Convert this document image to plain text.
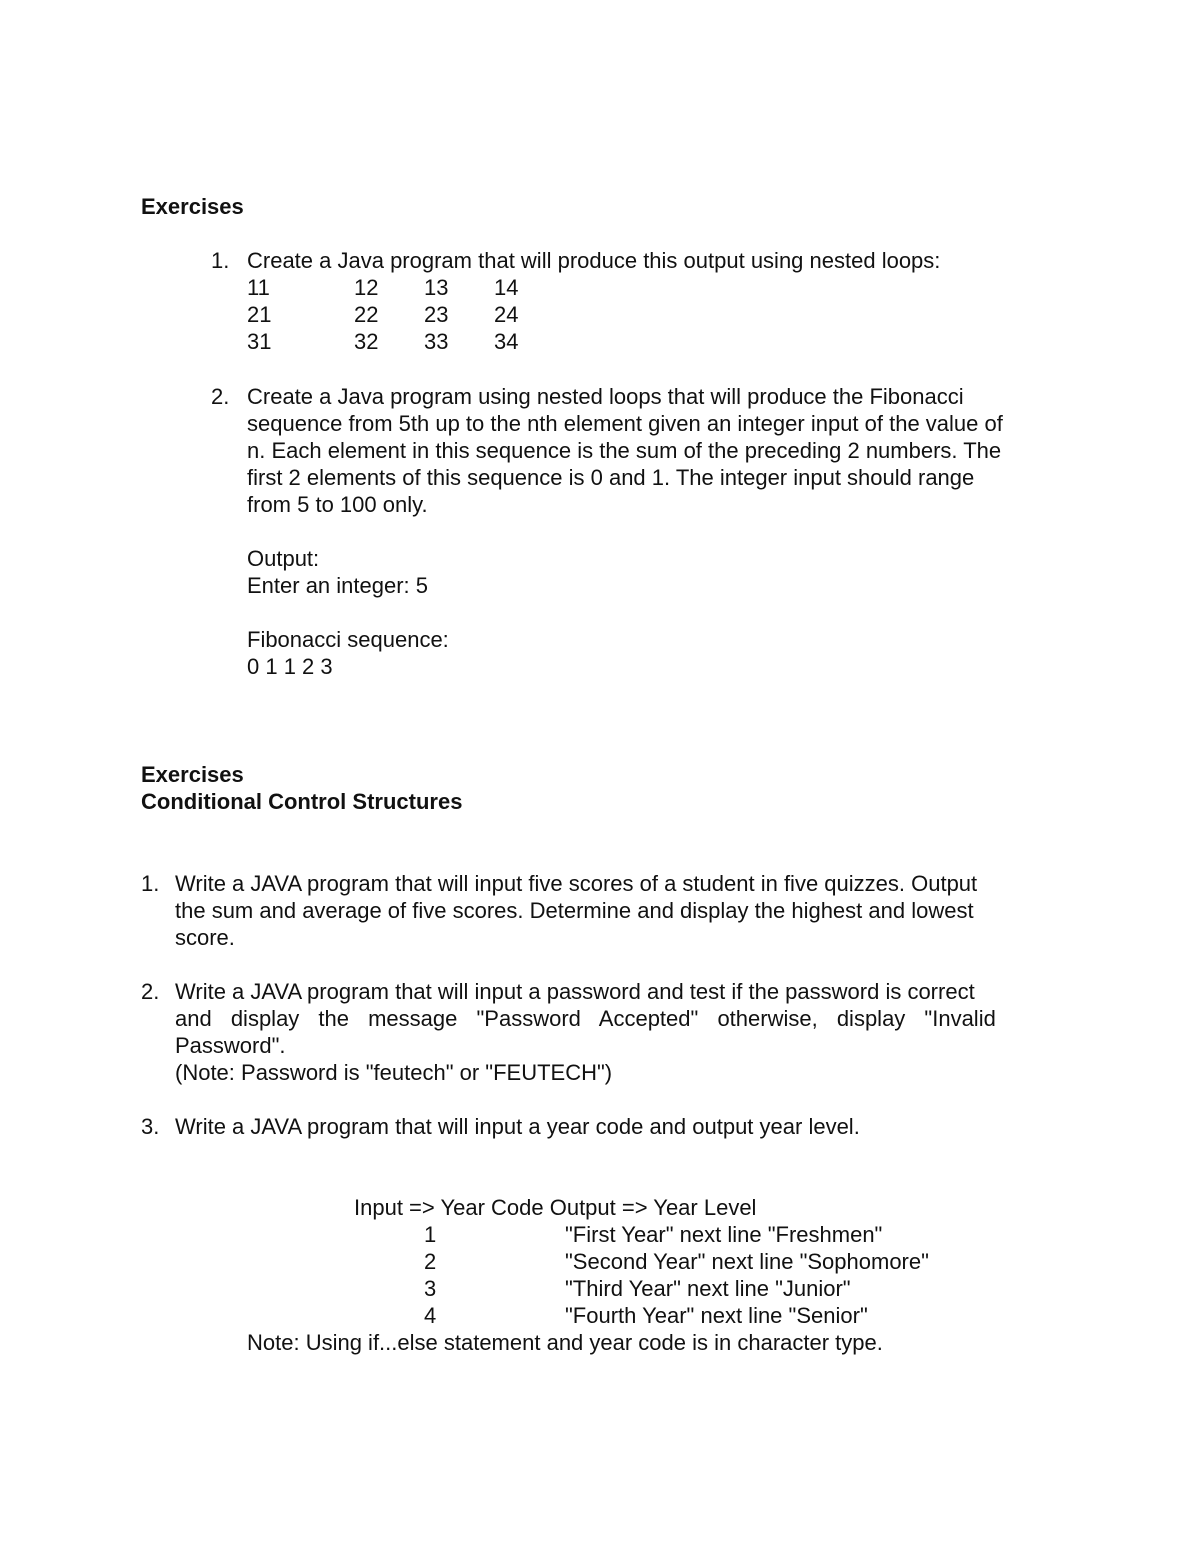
Exercises
1. Create a Java program that will produce this output using nested loops:
11	12 13 14
21	22 23 24
31	32 33 34
2. Create a Java program using nested loops that will produce the Fibonacci
sequence from 5th up to the nth element given an integer input of the value of
n. Each element in this sequence is the sum of the preceding 2 numbers. The
first 2 elements of this sequence is 0 and 1. The integer input should range
from 5 to 100 only.
Output:
Enter an integer: 5
Fibonacci sequence:
0 1 1 2 3
Exercises
Conditional Control Structures
1. Write a JAVA program that will input five scores of a student in five quizzes. Output
the sum and average of five scores. Determine and display the highest and lowest
score.
2. Write a JAVA program that will input a password and test if the password is correct
and display the message "Password Accepted" otherwise, display "Invalid
Password".
(Note: Password is "feutech" or "FEUTECH")
3. Write a JAVA program that will input a year code and output year level.
Input => Year Code Output => Year Level
1	"First Year" next line "Freshmen"
2	"Second Year" next line "Sophomore"
3	"Third Year" next line "Junior"
4	"Fourth Year" next line "Senior"
Note: Using if...else statement and year code is in character type.
